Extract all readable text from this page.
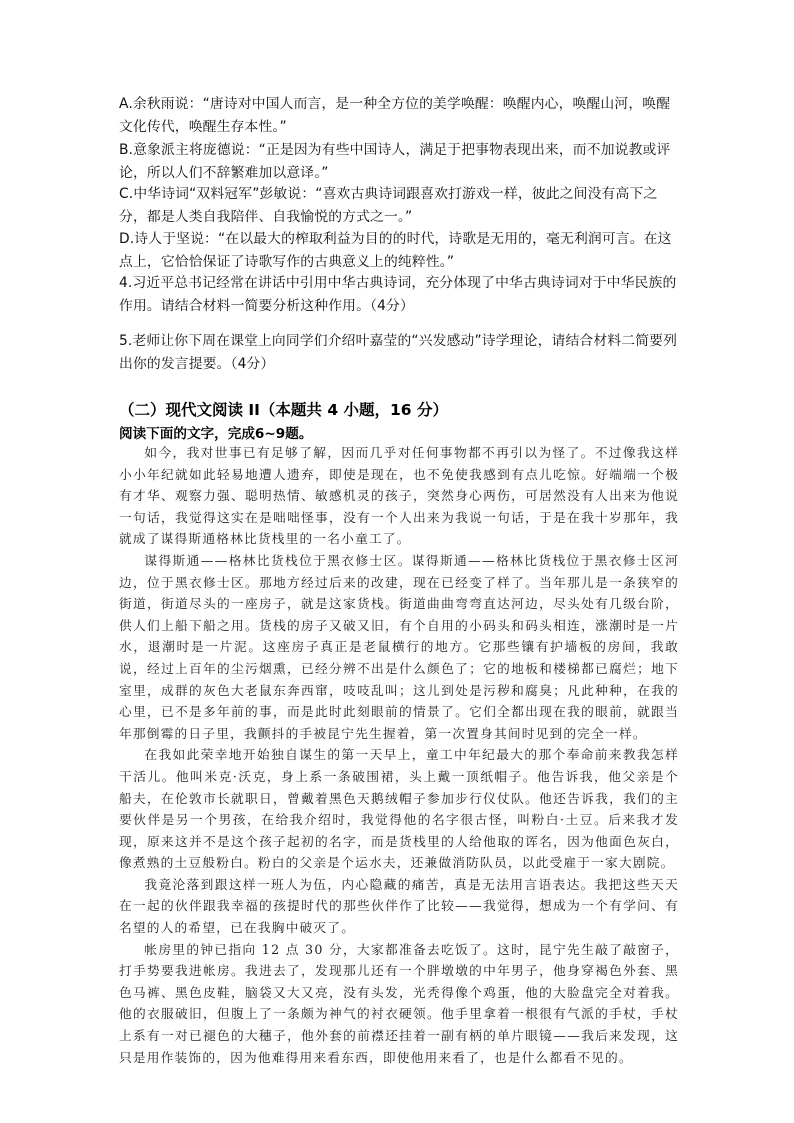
A.余秋雨说：“唐诗对中国人而言，是一种全方位的美学唤醒：唤醒内心，唤醒山河，唤醒文化传代，唤醒生存本性。”
B.意象派主将庞德说：“正是因为有些中国诗人，满足于把事物表现出来，而不加说教或评论，所以人们不辞繁难加以意译。”
C.中华诗词“双料冠军”彭敏说：“喜欢古典诗词跟喜欢打游戏一样，彼此之间没有高下之分，都是人类自我陪伴、自我愉悦的方式之一。”
D.诗人于坚说：“在以最大的榨取利益为目的的时代，诗歌是无用的，毫无利润可言。在这点上，它恰恰保证了诗歌写作的古典意义上的纯粹性。”
4.习近平总书记经常在讲话中引用中华古典诗词，充分体现了中华古典诗词对于中华民族的作用。请结合材料一简要分析这种作用。（4分）
5.老师让你下周在课堂上向同学们介绍叶嘉莹的“兴发感动”诗学理论，请结合材料二简要列出你的发言提要。（4分）
（二）现代文阅读 II（本题共 4 小题，16 分）
阅读下面的文字，完成6~9题。

如今，我对世事已有足够了解，因而几乎对任何事物都不再引以为怪了。不过像我这样小小年纪就如此轻易地遭人遗弃，即使是现在，也不免使我感到有点儿吃惊。好端端一个极有才华、观察力强、聪明热情、敏感机灵的孩子，突然身心两伤，可居然没有人出来为他说一句话，我觉得这实在是咄咄怪事，没有一个人出来为我说一句话，于是在我十岁那年，我就成了谋得斯通格林比货栈里的一名小童工了。

谋得斯通——格林比货栈位于黑衣修士区。谋得斯通——格林比货栈位于黑衣修士区河边，位于黑衣修士区。那地方经过后来的改建，现在已经变了样了。当年那儿是一条狭窄的街道，街道尽头的一座房子，就是这家货栈。街道曲曲弯弯直达河边，尽头处有几级台阶，供人们上船下船之用。货栈的房子又破又旧，有个自用的小码头和码头相连，涨潮时是一片水，退潮时是一片泥。这座房子真正是老鼠横行的地方。它那些镶有护墙板的房间，我敢说，经过上百年的尘污烟熏，已经分辨不出是什么颜色了；它的地板和楼梯都已腐烂；地下室里，成群的灰色大老鼠东奔西窜，吱吱乱叫；这儿到处是污秽和腐臭；凡此种种，在我的心里，已不是多年前的事，而是此时此刻眼前的情景了。它们全都出现在我的眼前，就跟当年那倒霉的日子里，我颤抖的手被昆宁先生握着，第一次置身其间时见到的完全一样。

在我如此荣幸地开始独自谋生的第一天早上，童工中年纪最大的那个奉命前来教我怎样干活儿。他叫米克·沃克，身上系一条破围裙，头上戴一顶纸帽子。他告诉我，他父亲是个船夫，在伦敦市长就职日，曾戴着黑色天鹅绒帽子参加步行仪仗队。他还告诉我，我们的主要伙伴是另一个男孩，在给我介绍时，我觉得他的名字很古怪，叫粉白·土豆。后来我才发现，原来这并不是这个孩子起初的名字，而是货栈里的人给他取的诨名，因为他面色灰白，像煮熟的土豆般粉白。粉白的父亲是个运水夫，还兼做消防队员，以此受雇于一家大剧院。

我竟沦落到跟这样一班人为伍，内心隐藏的痛苦，真是无法用言语表达。我把这些天天在一起的伙伴跟我幸福的孩提时代的那些伙伴作了比较——我觉得，想成为一个有学问、有名望的人的希望，已在我胸中破灭了。

帐房里的钟已指向 12 点 30 分，大家都准备去吃饭了。这时，昆宁先生敲了敲窗子，打手势要我进帐房。我进去了，发现那儿还有一个胖墩墩的中年男子，他身穿褐色外套、黑色马裤、黑色皮鞋，脑袋又大又亮，没有头发，光秃得像个鸡蛋，他的大脸盘完全对着我。他的衣服破旧，但腹上了一条颇为神气的衬衣硬领。他手里拿着一根很有气派的手杖，手杖上系有一对已褪色的大穗子，他外套的前襟还挂着一副有柄的单片眼镜——我后来发现，这只是用作装饰的，因为他难得用来看东西，即使他用来看了，也是什么都看不见的。
